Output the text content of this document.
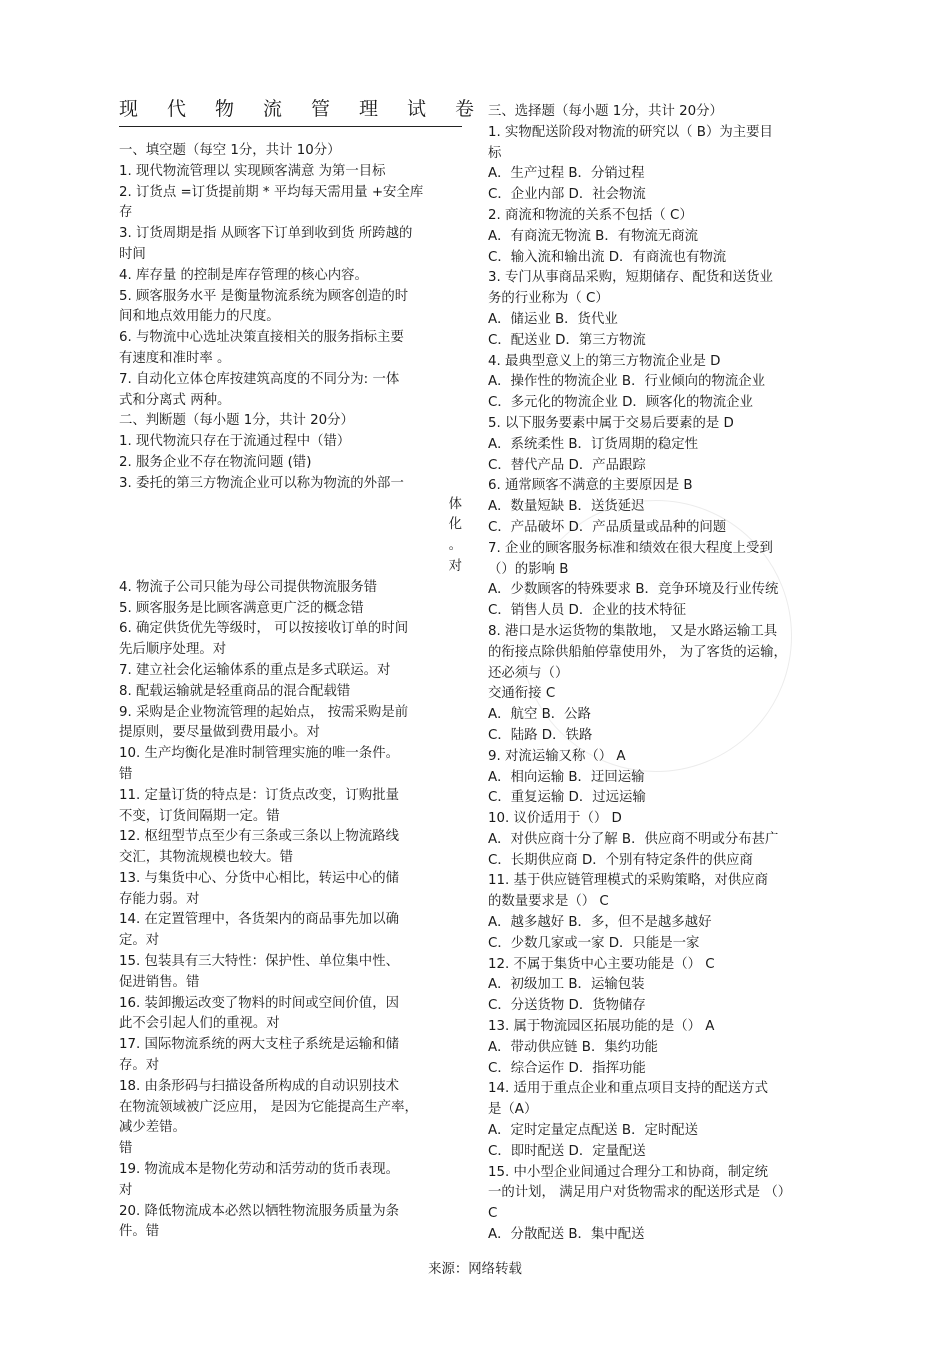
现代物流管理试卷
一、填空题（每空 1分，共计 10分）
1. 现代物流管理以 实现顾客满意 为第一目标
2. 订货点 =订货提前期 * 平均每天需用量 +安全库
存
3. 订货周期是指 从顾客下订单到收到货 所跨越的
时间
4. 库存量 的控制是库存管理的核心内容。
5. 顾客服务水平 是衡量物流系统为顾客创造的时
间和地点效用能力的尺度。
6. 与物流中心选址决策直接相关的服务指标主要
有速度和准时率 。
7. 自动化立体仓库按建筑高度的不同分为: 一体
式和分离式 两种。
二、判断题（每小题 1分，共计 20分）
1. 现代物流只存在于流通过程中（错）
2. 服务企业不存在物流问题 (错)
3. 委托的第三方物流企业可以称为物流的外部一
体
化
。
对
4. 物流子公司只能为母公司提供物流服务错
5. 顾客服务是比顾客满意更广泛的概念错
6. 确定供货优先等级时， 可以按接收订单的时间
先后顺序处理。对
7. 建立社会化运输体系的重点是多式联运。对
8. 配载运输就是轻重商品的混合配载错
9. 采购是企业物流管理的起始点， 按需采购是前
提原则，要尽量做到费用最小。对
10. 生产均衡化是准时制管理实施的唯一条件。
错
11. 定量订货的特点是：订货点改变，订购批量
不变，订货间隔期一定。错
12. 枢纽型节点至少有三条或三条以上物流路线
交汇，其物流规模也较大。错
13. 与集货中心、分货中心相比，转运中心的储
存能力弱。对
14. 在定置管理中，各货架内的商品事先加以确
定。对
15. 包装具有三大特性：保护性、单位集中性、
促进销售。错
16. 装卸搬运改变了物料的时间或空间价值，因
此不会引起人们的重视。对
17. 国际物流系统的两大支柱子系统是运输和储
存。对
18. 由条形码与扫描设备所构成的自动识别技术
在物流领域被广泛应用， 是因为它能提高生产率，
减少差错。
错
19. 物流成本是物化劳动和活劳动的货币表现。
对
20. 降低物流成本必然以牺牲物流服务质量为条
件。错
三、选择题（每小题 1分，共计 20分）
1. 实物配送阶段对物流的研究以（ B）为主要目
标
A．生产过程 B．分销过程
C．企业内部 D．社会物流
2. 商流和物流的关系不包括（ C）
A．有商流无物流 B．有物流无商流
C．输入流和输出流 D．有商流也有物流
3. 专门从事商品采购，短期储存、配货和送货业
务的行业称为（ C）
A．储运业 B．货代业
C．配送业 D．第三方物流
4. 最典型意义上的第三方物流企业是 D
A．操作性的物流企业 B．行业倾向的物流企业
C．多元化的物流企业 D．顾客化的物流企业
5. 以下服务要素中属于交易后要素的是 D
A．系统柔性 B．订货周期的稳定性
C．替代产品 D．产品跟踪
6. 通常顾客不满意的主要原因是 B
A．数量短缺 B．送货延迟
C．产品破坏 D．产品质量或品种的问题
7. 企业的顾客服务标准和绩效在很大程度上受到
（）的影响 B
A．少数顾客的特殊要求 B．竞争环境及行业传统
C．销售人员 D．企业的技术特征
8. 港口是水运货物的集散地， 又是水路运输工具
的衔接点除供船舶停靠使用外， 为了客货的运输，
还必须与（）
交通衔接 C
A．航空 B．公路
C．陆路 D．铁路
9. 对流运输又称（） A
A．相向运输 B．迂回运输
C．重复运输 D．过远运输
10. 议价适用于（） D
A．对供应商十分了解 B．供应商不明或分布甚广
C．长期供应商 D．个别有特定条件的供应商
11. 基于供应链管理模式的采购策略，对供应商
的数量要求是（） C
A．越多越好 B．多，但不是越多越好
C．少数几家或一家 D．只能是一家
12. 不属于集货中心主要功能是（） C
A．初级加工 B．运输包装
C．分送货物 D．货物储存
13. 属于物流园区拓展功能的是（） A
A．带动供应链 B．集约功能
C．综合运作 D．指挥功能
14. 适用于重点企业和重点项目支持的配送方式
是（A）
A．定时定量定点配送 B．定时配送
C．即时配送 D．定量配送
15. 中小型企业间通过合理分工和协商，制定统
一的计划， 满足用户对货物需求的配送形式是 （）
C
A．分散配送 B．集中配送
来源：网络转载
